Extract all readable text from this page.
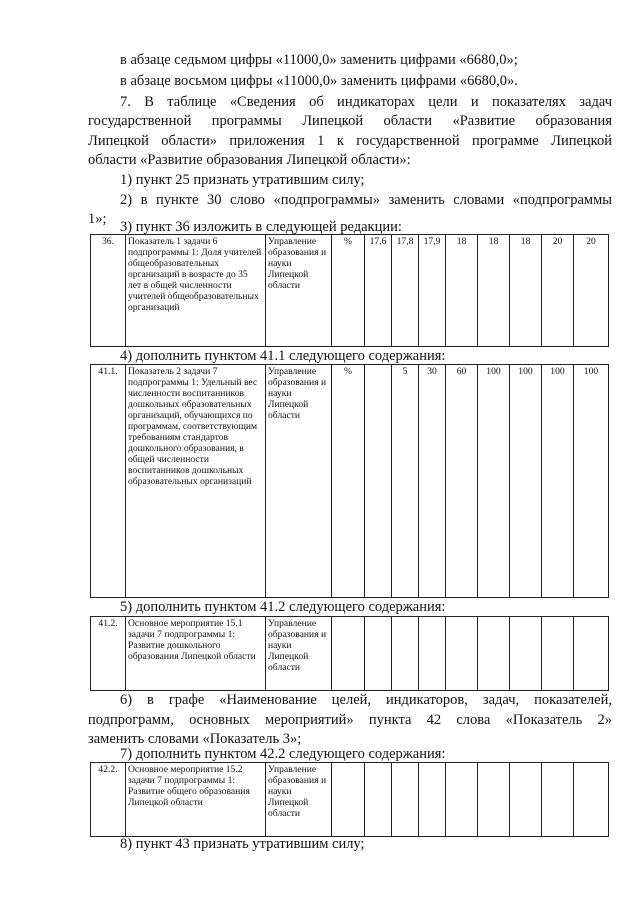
в абзаце седьмом цифры «11000,0» заменить цифрами «6680,0»;
в абзаце восьмом цифры «11000,0» заменить цифрами «6680,0».
7. В таблице «Сведения об индикаторах цели и показателях задач
государственной программы Липецкой области «Развитие образования
Липецкой области» приложения 1 к государственной программе Липецкой
области «Развитие образования Липецкой области»:
1) пункт 25 признать утратившим силу;
2) в пункте 30 слово «подпрограммы» заменить словами «подпрограммы
1»; 3) пункт 36 изложить в следующей редакции:
36.	Показатель 1 задачи 6 подпрограммы 1: Доля учителей общеобразовательных организаций в возрасте до 35 лет в общей численности учителей общеобразовательных организаций	Управление образования и науки Липецкой области	%	17,6	17,8	17,9	18	18	18	20	20
4) дополнить пунктом 41.1 следующего содержания:
41.1.	Показатель 2 задачи 7 подпрограммы 1: Удельный вес численности воспитанников дошкольных образовательных организаций, обучающихся по программам, соответствующим требованиям стандартов дошкольного образования, в общей численности воспитанников дошкольных образовательных организаций	Управление образования и науки Липецкой области	%		5	30	60	100	100	100	100
5) дополнить пунктом 41.2 следующего содержания:
41.2.	Основное мероприятие 15.1 задачи 7 подпрограммы 1: Развитие дошкольного образования Липецкой области	Управление образования и науки Липецкой области									
6) в графе «Наименование целей, индикаторов, задач, показателей,
подпрограмм, основных мероприятий» пункта 42 слова «Показатель 2»
заменить словами «Показатель 3»;
7) дополнить пунктом 42.2 следующего содержания:
42.2.	Основное мероприятие 15.2 задачи 7 подпрограммы 1: Развитие общего образования Липецкой области	Управление образования и науки Липецкой области									
8) пункт 43 признать утратившим силу;
